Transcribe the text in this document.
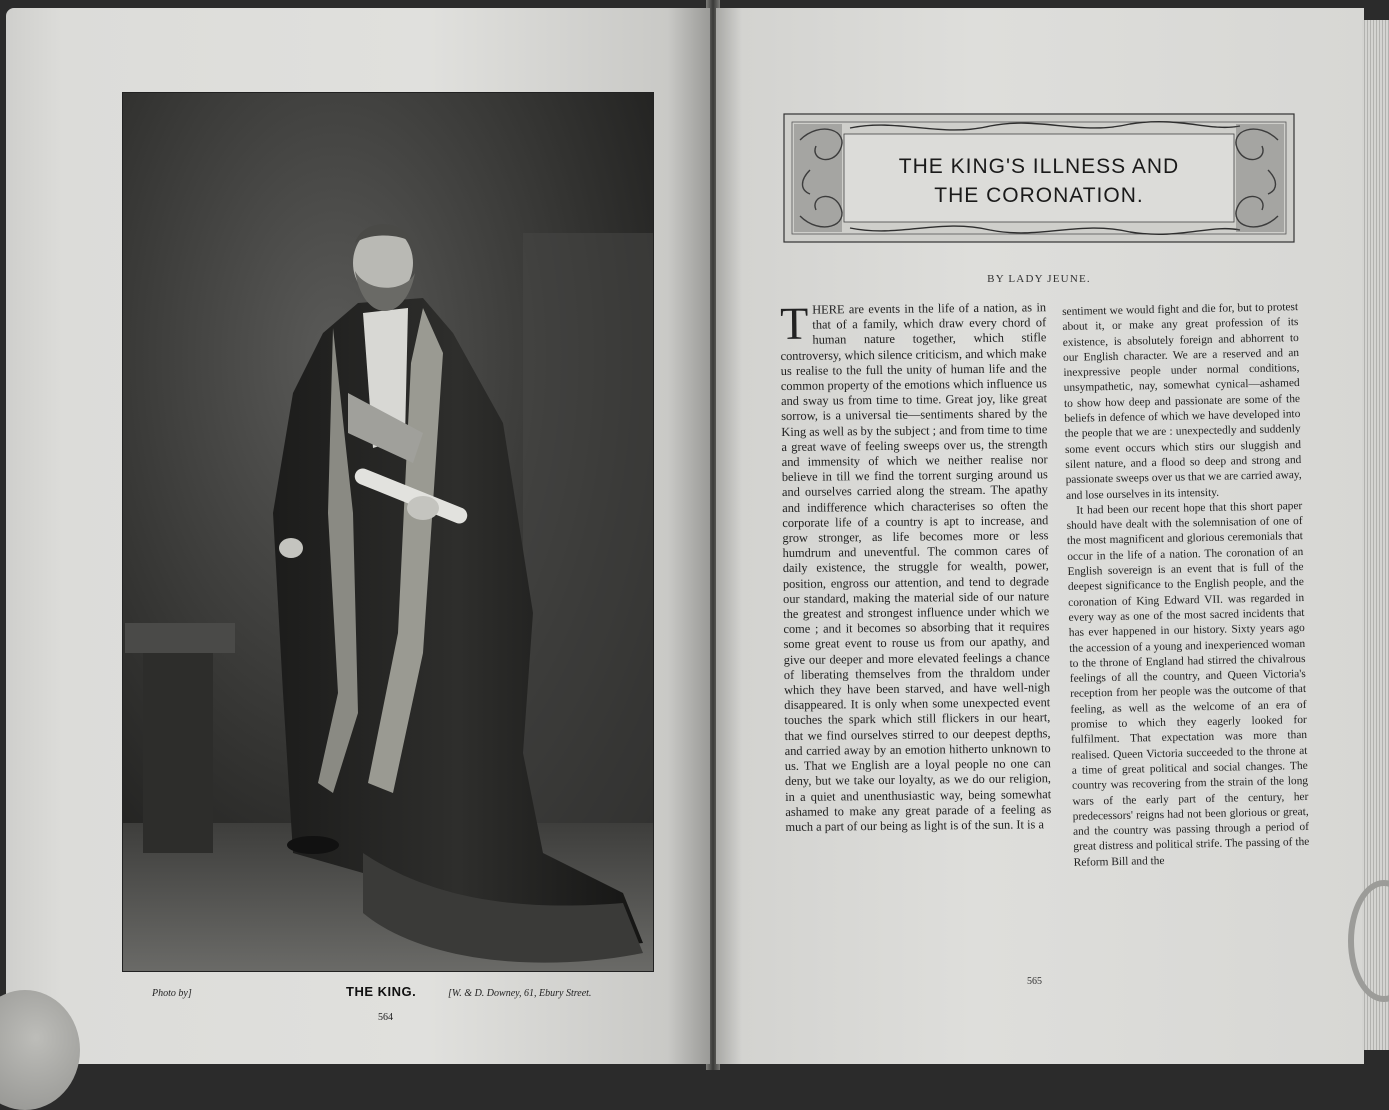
Photo by]	THE KING.	[W. & D. Downey, 61, Ebury Street.
564
THE KING'S ILLNESS AND
THE CORONATION.
BY LADY JEUNE.

THERE are events in the life of a nation, as in that of a family, which draw every chord of human nature together, which stifle controversy, which silence criticism, and which make us realise to the full the unity of human life and the common property of the emotions which influence us and sway us from time to time. Great joy, like great sorrow, is a universal tie—sentiments shared by the King as well as by the subject ; and from time to time a great wave of feeling sweeps over us, the strength and immensity of which we neither realise nor believe in till we find the torrent surging around us and ourselves carried along the stream. The apathy and indifference which characterises so often the corporate life of a country is apt to increase, and grow stronger, as life becomes more or less humdrum and uneventful. The common cares of daily existence, the struggle for wealth, power, position, engross our attention, and tend to degrade our standard, making the material side of our nature the greatest and strongest influence under which we come ; and it becomes so absorbing that it requires some great event to rouse us from our apathy, and give our deeper and more elevated feelings a chance of liberating themselves from the thraldom under which they have been starved, and have well-nigh disappeared. It is only when some unexpected event touches the spark which still flickers in our heart, that we find ourselves stirred to our deepest depths, and carried away by an emotion hitherto unknown to us. That we English are a loyal people no one can deny, but we take our loyalty, as we do our religion, in a quiet and unenthusiastic way, being somewhat ashamed to make any great parade of a feeling as much a part of our being as light is of the sun. It is a

sentiment we would fight and die for, but to protest about it, or make any great profession of its existence, is absolutely foreign and abhorrent to our English character. We are a reserved and an inexpressive people under normal conditions, unsympathetic, nay, somewhat cynical—ashamed to show how deep and passionate are some of the beliefs in defence of which we have developed into the people that we are : unexpectedly and suddenly some event occurs which stirs our sluggish and silent nature, and a flood so deep and strong and passionate sweeps over us that we are carried away, and lose ourselves in its intensity.

It had been our recent hope that this short paper should have dealt with the solemnisation of one of the most magnificent and glorious ceremonials that occur in the life of a nation. The coronation of an English sovereign is an event that is full of the deepest significance to the English people, and the coronation of King Edward VII. was regarded in every way as one of the most sacred incidents that has ever happened in our history. Sixty years ago the accession of a young and inexperienced woman to the throne of England had stirred the chivalrous feelings of all the country, and Queen Victoria's reception from her people was the outcome of that feeling, as well as the welcome of an era of promise to which they eagerly looked for fulfilment. That expectation was more than realised. Queen Victoria succeeded to the throne at a time of great political and social changes. The country was recovering from the strain of the long wars of the early part of the century, her predecessors' reigns had not been glorious or great, and the country was passing through a period of great distress and political strife. The passing of the Reform Bill and the

565
